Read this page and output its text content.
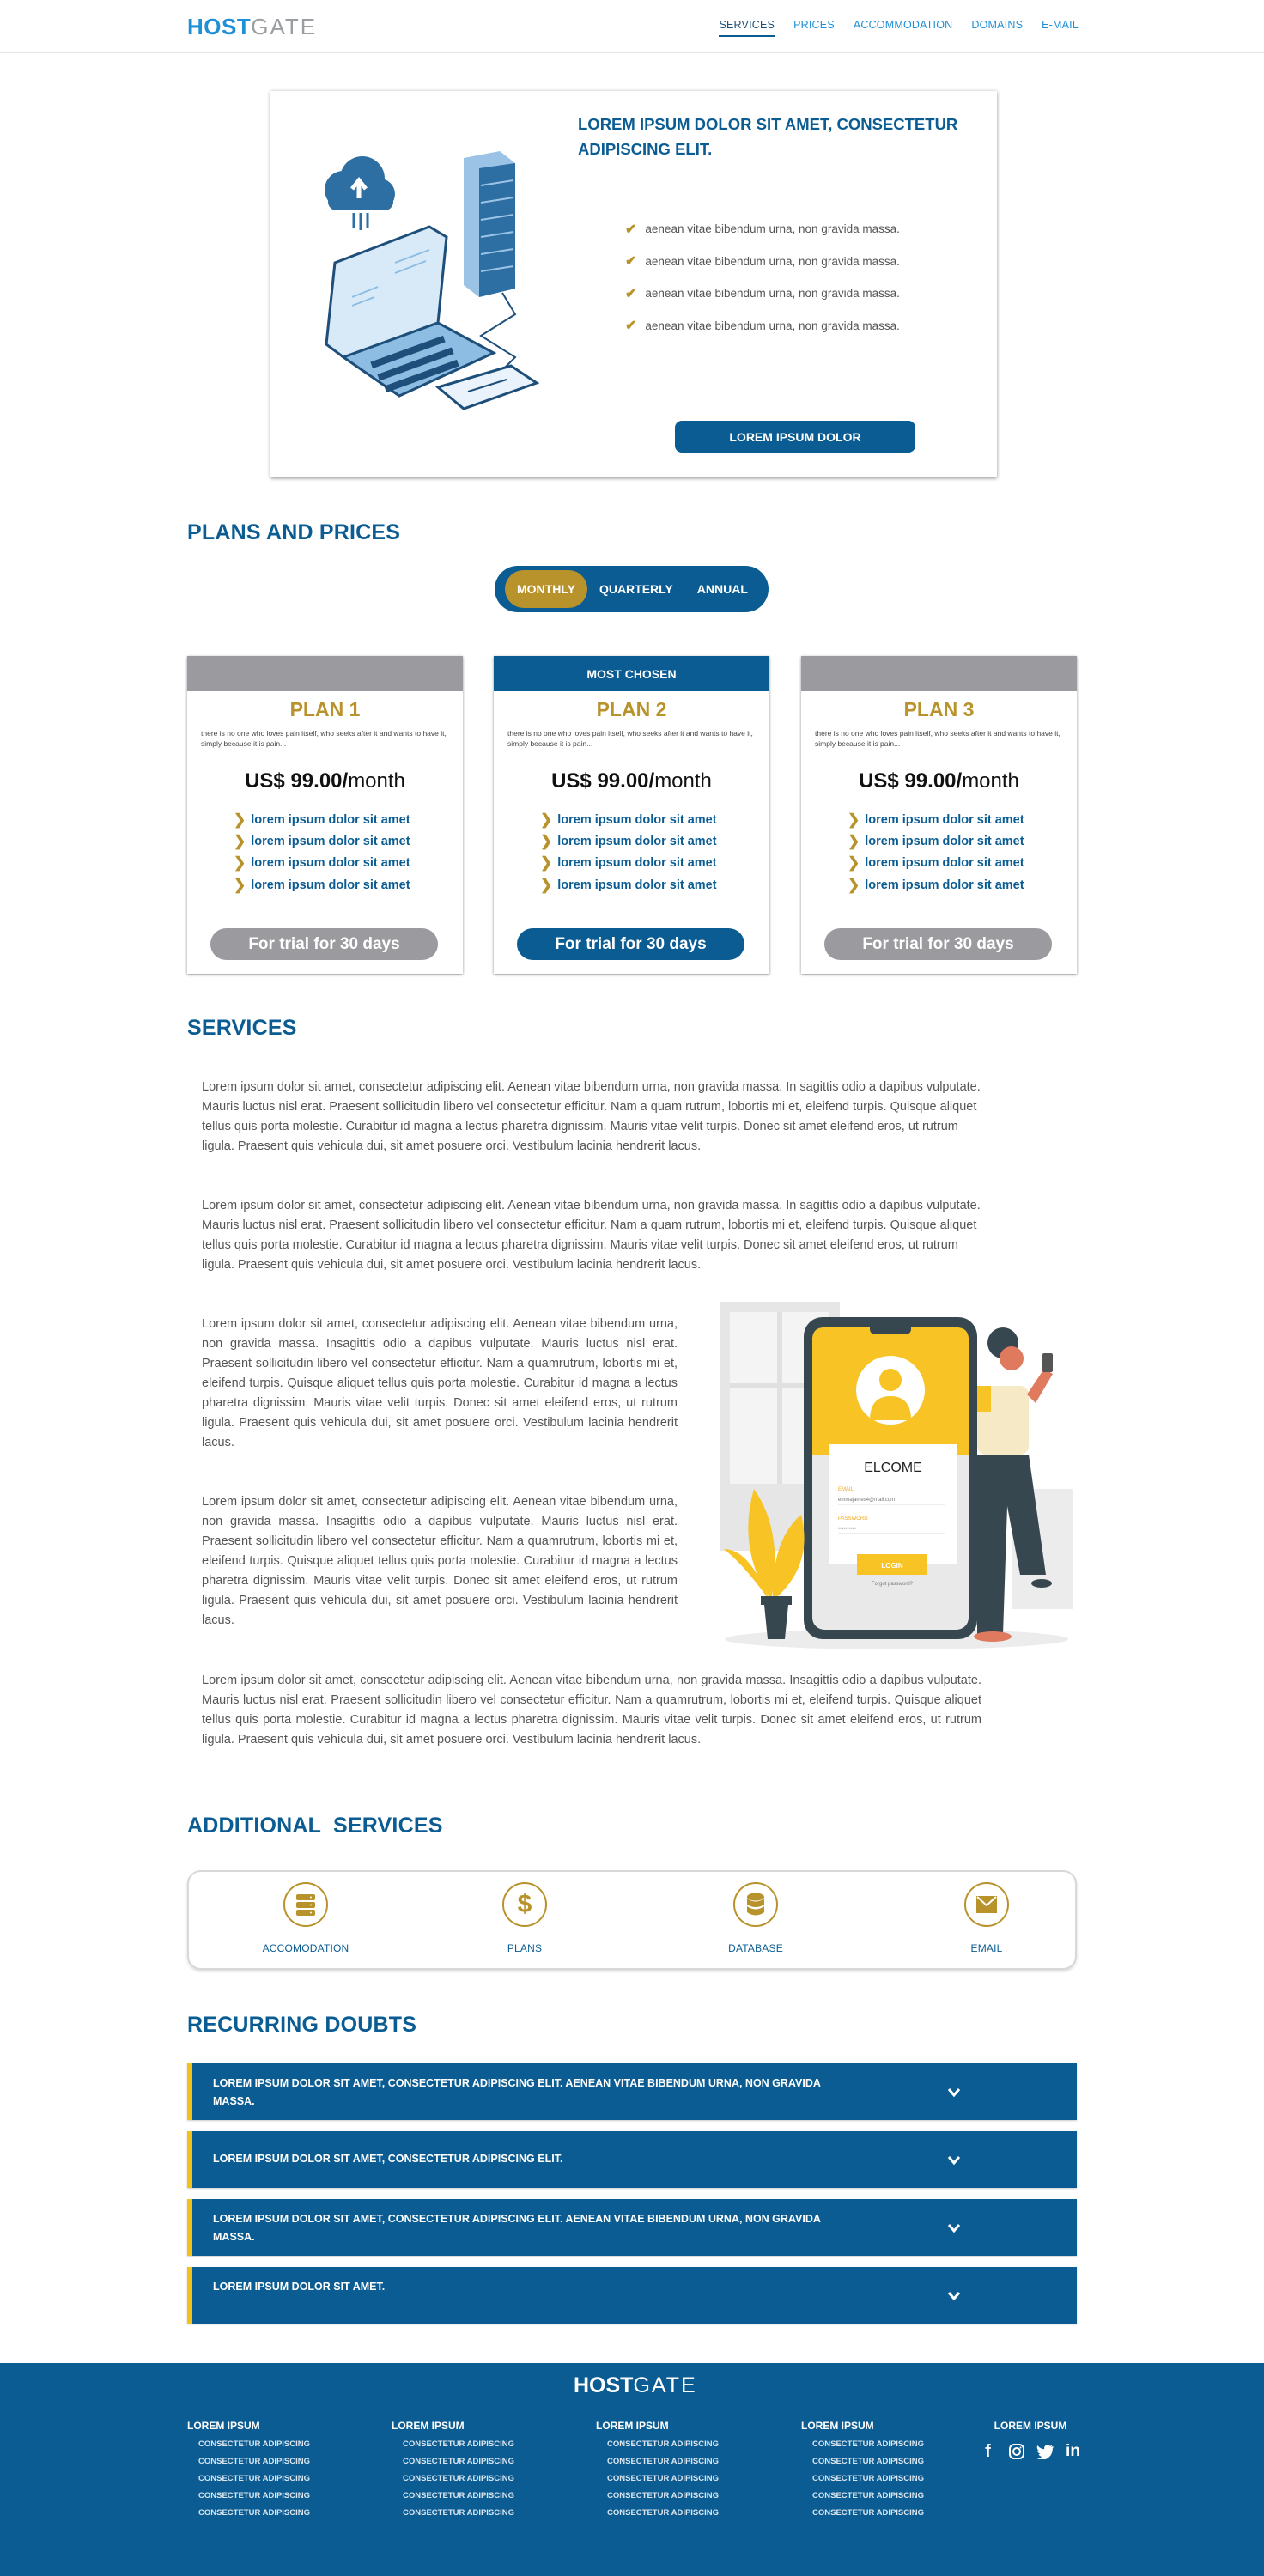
HOSTGATE	SERVICES PRICES ACCOMMODATION DOMAINS E-MAIL
LOREM IPSUM DOLOR SIT AMET, CONSECTETUR ADIPISCING ELIT.
✔ aenean vitae bibendum urna, non gravida massa.
✔ aenean vitae bibendum urna, non gravida massa.
✔ aenean vitae bibendum urna, non gravida massa.
✔ aenean vitae bibendum urna, non gravida massa.
LOREM IPSUM DOLOR
PLANS AND PRICES
MONTHLY	QUARTERLY	ANNUAL
PLAN 1

there is no one who loves pain itself, who seeks after it and wants to have it, simply because it is pain...

US$ 99.00/month
❯ lorem ipsum dolor sit amet
❯ lorem ipsum dolor sit amet
❯ lorem ipsum dolor sit amet
❯ lorem ipsum dolor sit amet
For trial for 30 days
MOST CHOSEN
PLAN 2

there is no one who loves pain itself, who seeks after it and wants to have it, simply because it is pain...

US$ 99.00/month
❯ lorem ipsum dolor sit amet
❯ lorem ipsum dolor sit amet
❯ lorem ipsum dolor sit amet
❯ lorem ipsum dolor sit amet
For trial for 30 days
PLAN 3

there is no one who loves pain itself, who seeks after it and wants to have it, simply because it is pain...

US$ 99.00/month
❯ lorem ipsum dolor sit amet
❯ lorem ipsum dolor sit amet
❯ lorem ipsum dolor sit amet
❯ lorem ipsum dolor sit amet
For trial for 30 days
SERVICES

Lorem ipsum dolor sit amet, consectetur adipiscing elit. Aenean vitae bibendum urna, non gravida massa. In sagittis odio a dapibus vulputate. Mauris luctus nisl erat. Praesent sollicitudin libero vel consectetur efficitur. Nam a quam rutrum, lobortis mi et, eleifend turpis. Quisque aliquet tellus quis porta molestie. Curabitur id magna a lectus pharetra dignissim. Mauris vitae velit turpis. Donec sit amet eleifend eros, ut rutrum ligula. Praesent quis vehicula dui, sit amet posuere orci. Vestibulum lacinia hendrerit lacus.

Lorem ipsum dolor sit amet, consectetur adipiscing elit. Aenean vitae bibendum urna, non gravida massa. In sagittis odio a dapibus vulputate. Mauris luctus nisl erat. Praesent sollicitudin libero vel consectetur efficitur. Nam a quam rutrum, lobortis mi et, eleifend turpis. Quisque aliquet tellus quis porta molestie. Curabitur id magna a lectus pharetra dignissim. Mauris vitae velit turpis. Donec sit amet eleifend eros, ut rutrum ligula. Praesent quis vehicula dui, sit amet posuere orci. Vestibulum lacinia hendrerit lacus.

Lorem ipsum dolor sit amet, consectetur adipiscing elit. Aenean vitae bibendum urna, non gravida massa. Insagittis odio a dapibus vulputate. Mauris luctus nisl erat. Praesent sollicitudin libero vel consectetur efficitur. Nam a quamrutrum, lobortis mi et, eleifend turpis. Quisque aliquet tellus quis porta molestie. Curabitur id magna a lectus pharetra dignissim. Mauris vitae velit turpis. Donec sit amet eleifend eros, ut rutrum ligula. Praesent quis vehicula dui, sit amet posuere orci. Vestibulum lacinia hendrerit lacus.

Lorem ipsum dolor sit amet, consectetur adipiscing elit. Aenean vitae bibendum urna, non gravida massa. Insagittis odio a dapibus vulputate. Mauris luctus nisl erat. Praesent sollicitudin libero vel consectetur efficitur. Nam a quamrutrum, lobortis mi et, eleifend turpis. Quisque aliquet tellus quis porta molestie. Curabitur id magna a lectus pharetra dignissim. Mauris vitae velit turpis. Donec sit amet eleifend eros, ut rutrum ligula. Praesent quis vehicula dui, sit amet posuere orci. Vestibulum lacinia hendrerit lacus.

Lorem ipsum dolor sit amet, consectetur adipiscing elit. Aenean vitae bibendum urna, non gravida massa. Insagittis odio a dapibus vulputate. Mauris luctus nisl erat. Praesent sollicitudin libero vel consectetur efficitur. Nam a quamrutrum, lobortis mi et, eleifend turpis. Quisque aliquet tellus quis porta molestie. Curabitur id magna a lectus pharetra dignissim. Mauris vitae velit turpis. Donec sit amet eleifend eros, ut rutrum ligula. Praesent quis vehicula dui, sit amet posuere orci. Vestibulum lacinia hendrerit lacus.

ELCOME
EMAIL
emmajames4@mail.com
PASSWORD
••••••••••
LOGIN
Forgot password?
ADDITIONAL  SERVICES
ACCOMODATION
$
PLANS	DATABASE	EMAIL
RECURRING DOUBTS
LOREM IPSUM DOLOR SIT AMET, CONSECTETUR ADIPISCING ELIT. AENEAN VITAE BIBENDUM URNA, NON GRAVIDA MASSA.
LOREM IPSUM DOLOR SIT AMET, CONSECTETUR ADIPISCING ELIT.
LOREM IPSUM DOLOR SIT AMET, CONSECTETUR ADIPISCING ELIT. AENEAN VITAE BIBENDUM URNA, NON GRAVIDA MASSA.
LOREM IPSUM DOLOR SIT AMET.
HOSTGATE
LOREM IPSUM
CONSECTETUR ADIPISCING
CONSECTETUR ADIPISCING
CONSECTETUR ADIPISCING
CONSECTETUR ADIPISCING
CONSECTETUR ADIPISCING
LOREM IPSUM
CONSECTETUR ADIPISCING
CONSECTETUR ADIPISCING
CONSECTETUR ADIPISCING
CONSECTETUR ADIPISCING
CONSECTETUR ADIPISCING
LOREM IPSUM
CONSECTETUR ADIPISCING
CONSECTETUR ADIPISCING
CONSECTETUR ADIPISCING
CONSECTETUR ADIPISCING
CONSECTETUR ADIPISCING
LOREM IPSUM
CONSECTETUR ADIPISCING
CONSECTETUR ADIPISCING
CONSECTETUR ADIPISCING
CONSECTETUR ADIPISCING
CONSECTETUR ADIPISCING
LOREM IPSUM
f	in
